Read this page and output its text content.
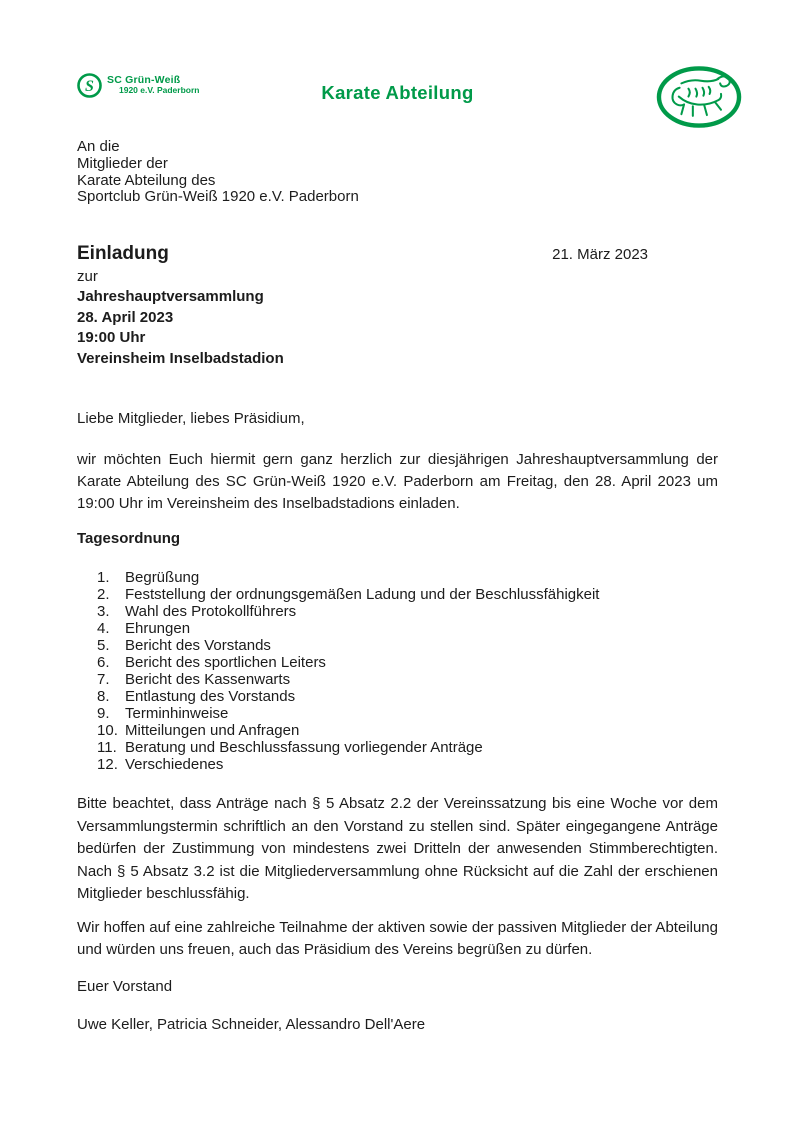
S SC Grün-Weiß
1920 e.V. Paderborn	Karate Abteilung
An die
Mitglieder der
Karate Abteilung des
Sportclub Grün-Weiß 1920 e.V. Paderborn
Einladung	21. März 2023
zur
Jahreshauptversammlung
28. April 2023
19:00 Uhr
Vereinsheim Inselbadstadion
Liebe Mitglieder, liebes Präsidium,
wir möchten Euch hiermit gern ganz herzlich zur diesjährigen Jahreshauptversammlung der Karate Abteilung des SC Grün-Weiß 1920 e.V. Paderborn am Freitag, den 28. April 2023 um 19:00 Uhr im Vereinsheim des Inselbadstadions einladen.
Tagesordnung
Begrüßung
Feststellung der ordnungsgemäßen Ladung und der Beschlussfähigkeit
Wahl des Protokollführers
Ehrungen
Bericht des Vorstands
Bericht des sportlichen Leiters
Bericht des Kassenwarts
Entlastung des Vorstands
Terminhinweise
Mitteilungen und Anfragen
Beratung und Beschlussfassung vorliegender Anträge
Verschiedenes
Bitte beachtet, dass Anträge nach § 5 Absatz 2.2 der Vereinssatzung bis eine Woche vor dem Versammlungstermin schriftlich an den Vorstand zu stellen sind. Später eingegangene Anträge bedürfen der Zustimmung von mindestens zwei Dritteln der anwesenden Stimmberechtigten. Nach § 5 Absatz 3.2 ist die Mitgliederversammlung ohne Rücksicht auf die Zahl der erschienen Mitglieder beschlussfähig.
Wir hoffen auf eine zahlreiche Teilnahme der aktiven sowie der passiven Mitglieder der Abteilung und würden uns freuen, auch das Präsidium des Vereins begrüßen zu dürfen.
Euer Vorstand
Uwe Keller, Patricia Schneider, Alessandro Dell'Aere
